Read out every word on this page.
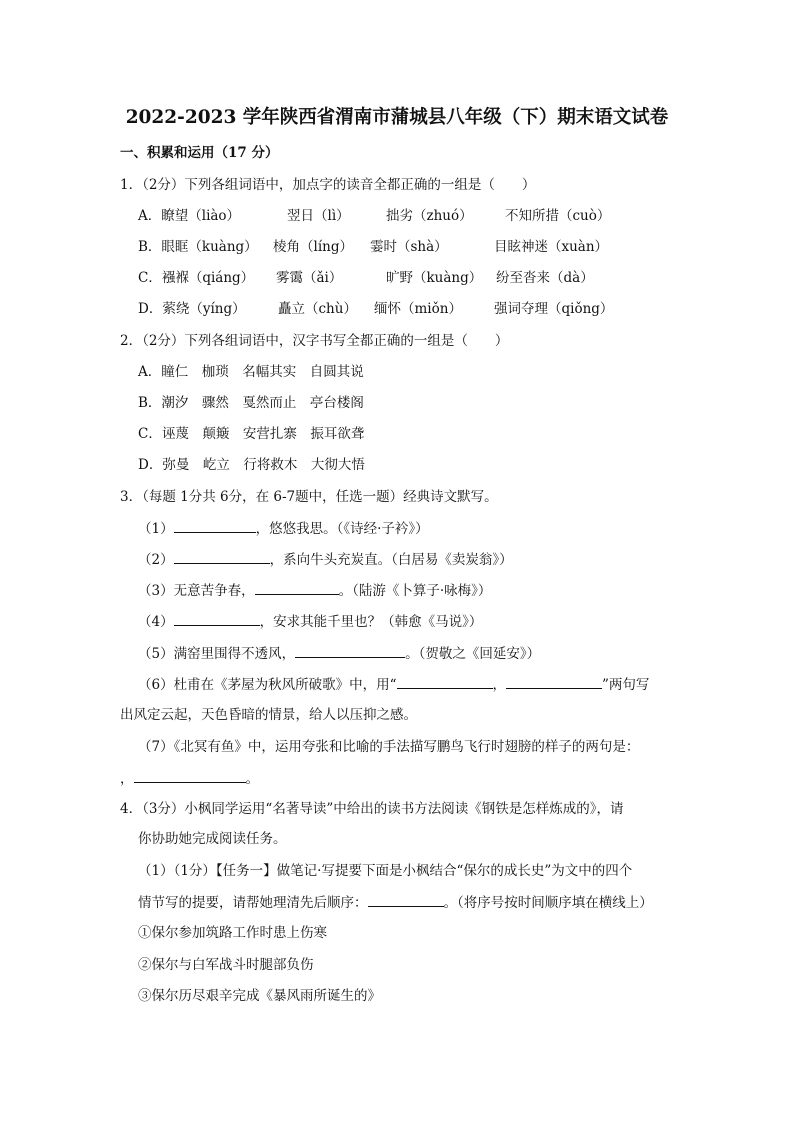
2022-2023 学年陕西省渭南市蒲城县八年级（下）期末语文试卷
一、积累和运用（17 分）
1．（2分）下列各组词语中，加点字的读音全都正确的一组是（　　）
A．瞭望（liào）	翌日（lì）	拙劣（zhuó） 不知所措（cuò）
B．眼眶（kuàng） 棱角（líng） 霎时（shà）	目眩神迷（xuàn）
C．襁褓（qiáng） 雾霭（ǎi）	旷野（kuàng） 纷至沓来（dà）
D．萦绕（yíng） 矗立（chù） 缅怀（miǒn） 强词夺理（qiǒng）
2．（2分）下列各组词语中，汉字书写全都正确的一组是（　　）
A．瞳仁　枷琐　名幅其实　自圆其说
B．潮汐　骤然　戛然而止　亭台楼阁
C．诬蔑　颠簸　安营扎寨　振耳欲聋
D．弥曼　屹立　行将救木　大彻大悟
3．（每题 1分共 6分，在 6-7题中，任选一题）经典诗文默写。
（1）	，悠悠我思。（《诗经·子衿》）
（2）	，系向牛头充炭直。（白居易《卖炭翁》）
（3）无意苦争春，	。（陆游《卜算子·咏梅》）
（4）	，安求其能千里也？（韩愈《马说》）
（5）满窑里围得不透风，	。（贺敬之《回延安》）
（6）杜甫在《茅屋为秋风所破歌》中，用“	，	”两句写
出风定云起，天色昏暗的情景，给人以压抑之感。
（7）《北冥有鱼》中，运用夸张和比喻的手法描写鹏鸟飞行时翅膀的样子的两句是：
，	。
4．（3分）小枫同学运用“名著导读”中给出的读书方法阅读《钢铁是怎样炼成的》，请
你协助她完成阅读任务。
（1）（1分）【任务一】做笔记·写提要下面是小枫结合“保尔的成长史”为文中的四个
情节写的提要，请帮她理清先后顺序：	。（将序号按时间顺序填在横线上）
①保尔参加筑路工作时患上伤寒
②保尔与白军战斗时腿部负伤
③保尔历尽艰辛完成《暴风雨所诞生的》
